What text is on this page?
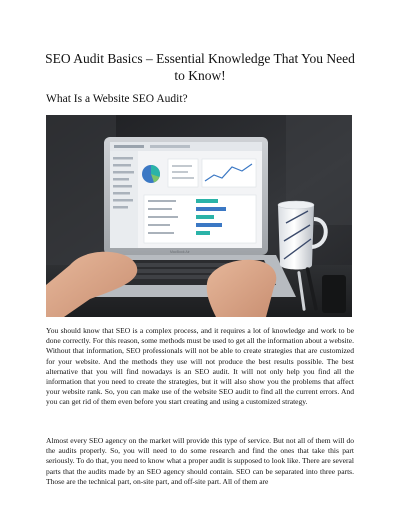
SEO Audit Basics – Essential Knowledge That You Need to Know!
What Is a Website SEO Audit?
MacBook Air

You should know that SEO is a complex process, and it requires a lot of knowledge and work to be done correctly. For this reason, some methods must be used to get all the information about a website. Without that information, SEO professionals will not be able to create strategies that are customized for your website. And the methods they use will not produce the best results possible. The best alternative that you will find nowadays is an SEO audit. It will not only help you find all the information that you need to create the strategies, but it will also show you the problems that affect your website rank. So, you can make use of the website SEO audit to find all the current errors. And you can get rid of them even before you start creating and using a customized strategy.

Almost every SEO agency on the market will provide this type of service. But not all of them will do the audits properly. So, you will need to do some research and find the ones that take this part seriously. To do that, you need to know what a proper audit is supposed to look like. There are several parts that the audits made by an SEO agency should contain. SEO can be separated into three parts. Those are the technical part, on-site part, and off-site part. All of them are
